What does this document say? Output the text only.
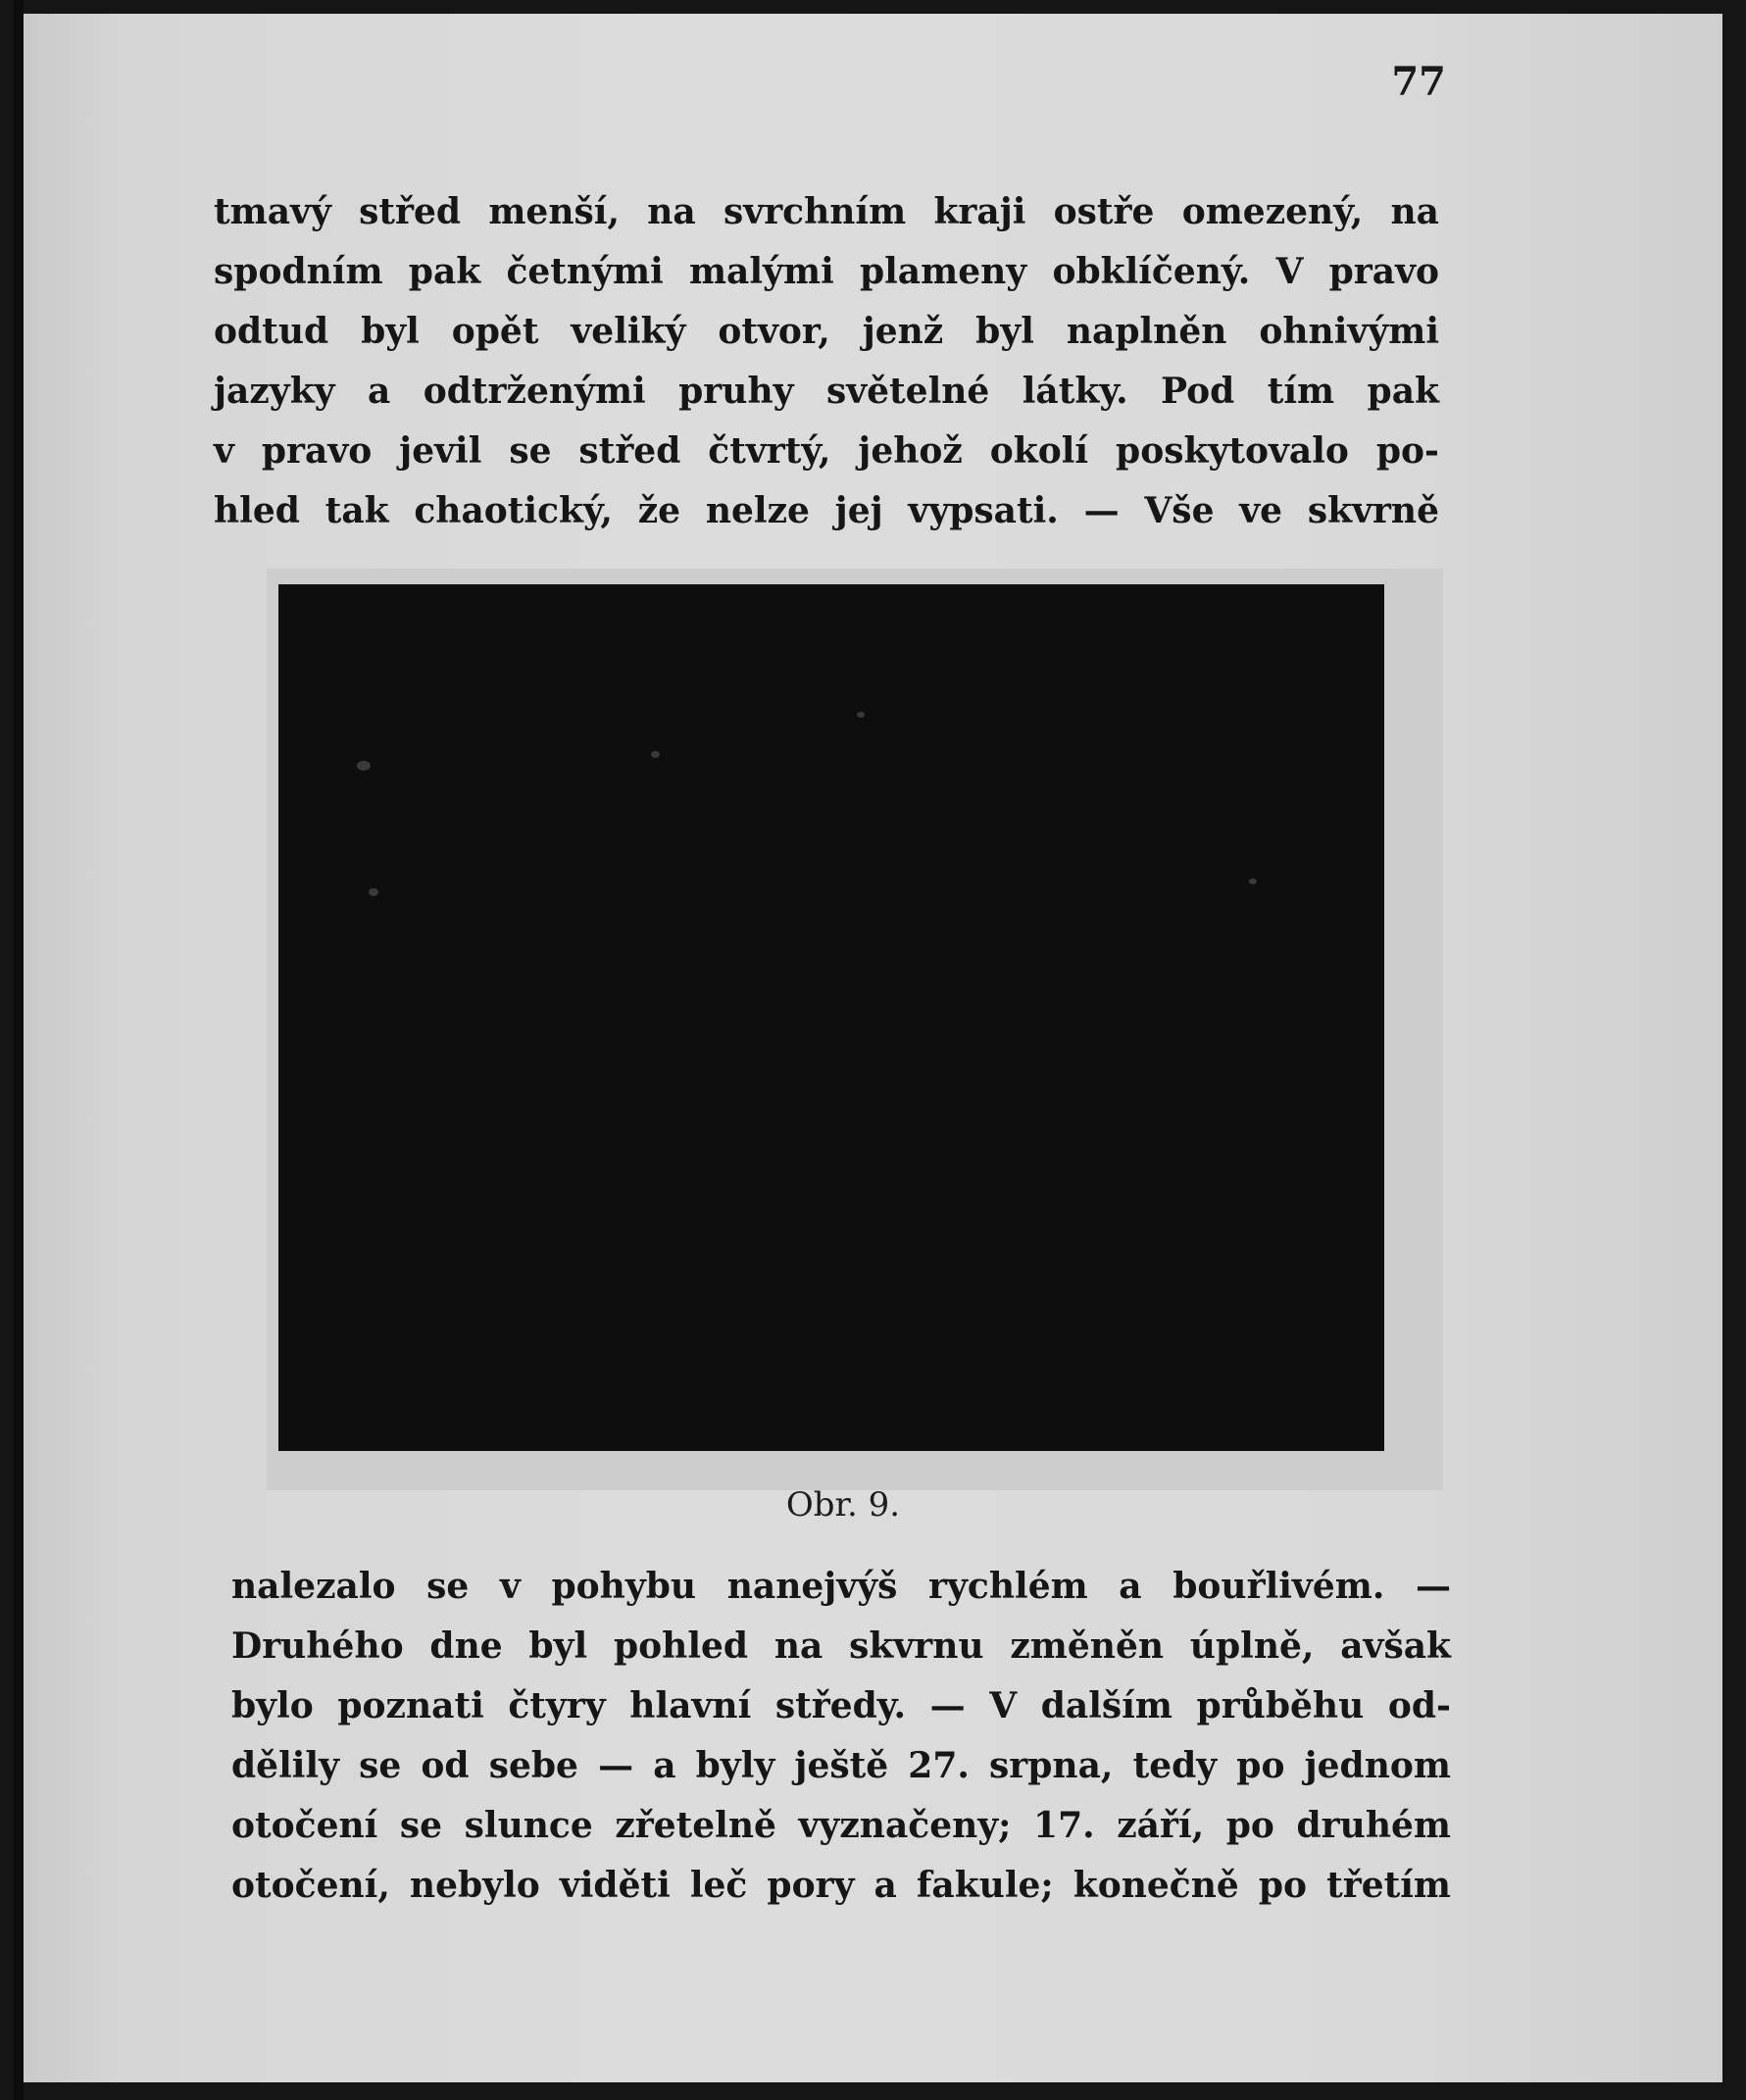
77

tmavý střed menší, na svrchním kraji ostře omezený, na
spodním pak četnými malými plameny obklíčený. V pravo
odtud byl opět veliký otvor, jenž byl naplněn ohnivými
jazyky a odtrženými pruhy světelné látky. Pod tím pak
v pravo jevil se střed čtvrtý, jehož okolí poskytovalo po-
hled tak chaotický, že nelze jej vypsati. — Vše ve skvrně

Obr. 9.

nalezalo se v pohybu nanejvýš rychlém a bouřlivém. —
Druhého dne byl pohled na skvrnu změněn úplně, avšak
bylo poznati čtyry hlavní středy. — V dalším průběhu od-
dělily se od sebe — a byly ještě 27. srpna, tedy po jednom
otočení se slunce zřetelně vyznačeny; 17. září, po druhém
otočení, nebylo viděti leč pory a fakule; konečně po třetím
